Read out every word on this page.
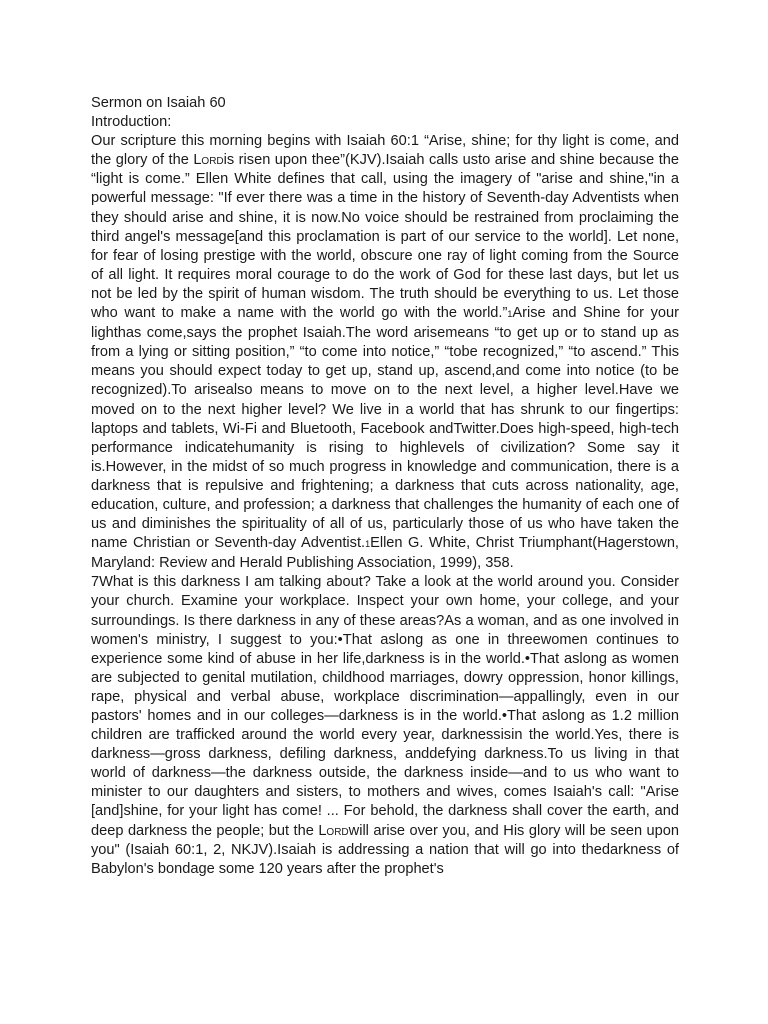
Sermon on Isaiah 60
Introduction:

Our scripture this morning begins with Isaiah 60:1 “Arise, shine; for thy light is come, and the glory of the Lordis risen upon thee”(KJV).Isaiah calls usto arise and shine because the “light is come.” Ellen White defines that call, using the imagery of "arise and shine,"in a powerful message: "If ever there was a time in the history of Seventh-day Adventists when they should arise and shine, it is now.No voice should be restrained from proclaiming the third angel's message[and this proclamation is part of our service to the world]. Let none, for fear of losing prestige with the world, obscure one ray of light coming from the Source of all light. It requires moral courage to do the work of God for these last days, but let us not be led by the spirit of human wisdom. The truth should be everything to us. Let those who want to make a name with the world go with the world.”1Arise and Shine for your lighthas come,says the prophet Isaiah.The word arisemeans “to get up or to stand up as from a lying or sitting position,” “to come into notice,” “tobe recognized,” “to ascend.” This means you should expect today to get up, stand up, ascend,and come into notice (to be recognized).To arisealso means to move on to the next level, a higher level.Have we moved on to the next higher level? We live in a world that has shrunk to our fingertips: laptops and tablets, Wi-Fi and Bluetooth, Facebook andTwitter.Does high-speed, high-tech performance indicatehumanity is rising to highlevels of civilization? Some say it is.However, in the midst of so much progress in knowledge and communication, there is a darkness that is repulsive and frightening; a darkness that cuts across nationality, age, education, culture, and profession; a darkness that challenges the humanity of each one of us and diminishes the spirituality of all of us, particularly those of us who have taken the name Christian or Seventh-day Adventist.1Ellen G. White, Christ Triumphant(Hagerstown, Maryland: Review and Herald Publishing Association, 1999), 358.

7What is this darkness I am talking about? Take a look at the world around you. Consider your church. Examine your workplace. Inspect your own home, your college, and your surroundings. Is there darkness in any of these areas?As a woman, and as one involved in women's ministry, I suggest to you:•That aslong as one in threewomen continues to experience some kind of abuse in her life,darkness is in the world.•That aslong as women are subjected to genital mutilation, childhood marriages, dowry oppression, honor killings, rape, physical and verbal abuse, workplace discrimination—appallingly, even in our pastors' homes and in our colleges—darkness is in the world.•That aslong as 1.2 million children are trafficked around the world every year, darknessisin the world.Yes, there is darkness—gross darkness, defiling darkness, anddefying darkness.To us living in that world of darkness—the darkness outside, the darkness inside—and to us who want to minister to our daughters and sisters, to mothers and wives, comes Isaiah's call: "Arise [and]shine, for your light has come! ... For behold, the darkness shall cover the earth, and deep darkness the people; but the Lordwill arise over you, and His glory will be seen upon you" (Isaiah 60:1, 2, NKJV).Isaiah is addressing a nation that will go into thedarkness of Babylon's bondage some 120 years after the prophet's
